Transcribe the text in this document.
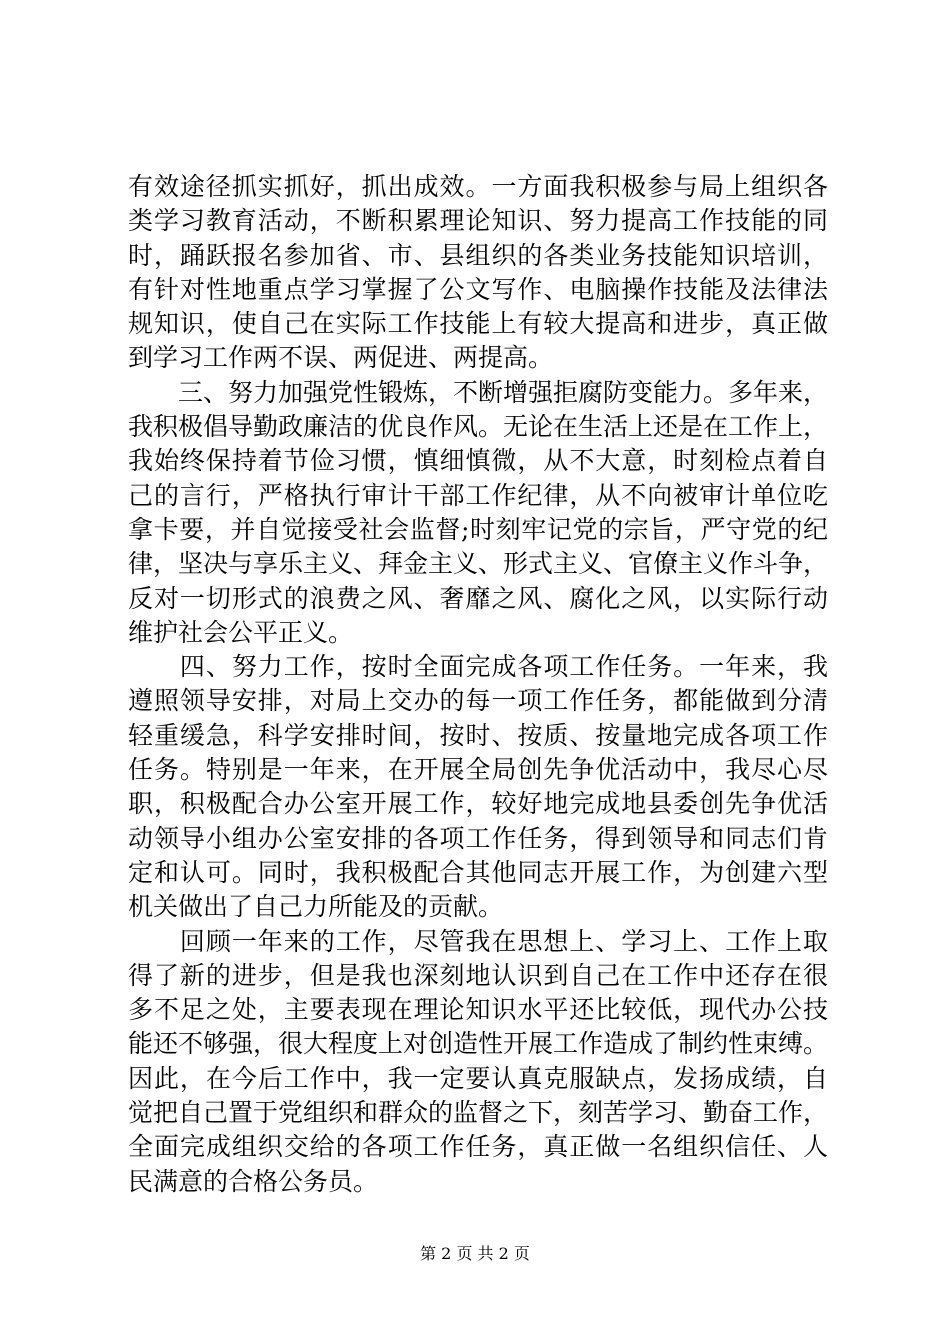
有效途径抓实抓好，抓出成效。一方面我积极参与局上组织各
类学习教育活动，不断积累理论知识、努力提高工作技能的同
时，踊跃报名参加省、市、县组织的各类业务技能知识培训，
有针对性地重点学习掌握了公文写作、电脑操作技能及法律法
规知识，使自己在实际工作技能上有较大提高和进步，真正做
到学习工作两不误、两促进、两提高。

　　三、努力加强党性锻炼，不断增强拒腐防变能力。多年来，
我积极倡导勤政廉洁的优良作风。无论在生活上还是在工作上，
我始终保持着节俭习惯，慎细慎微，从不大意，时刻检点着自
己的言行，严格执行审计干部工作纪律，从不向被审计单位吃
拿卡要，并自觉接受社会监督;时刻牢记党的宗旨，严守党的纪
律，坚决与享乐主义、拜金主义、形式主义、官僚主义作斗争，
反对一切形式的浪费之风、奢靡之风、腐化之风，以实际行动
维护社会公平正义。

　　四、努力工作，按时全面完成各项工作任务。一年来，我
遵照领导安排，对局上交办的每一项工作任务，都能做到分清
轻重缓急，科学安排时间，按时、按质、按量地完成各项工作
任务。特别是一年来，在开展全局创先争优活动中，我尽心尽
职，积极配合办公室开展工作，较好地完成地县委创先争优活
动领导小组办公室安排的各项工作任务，得到领导和同志们肯
定和认可。同时，我积极配合其他同志开展工作，为创建六型
机关做出了自己力所能及的贡献。

　　回顾一年来的工作，尽管我在思想上、学习上、工作上取
得了新的进步，但是我也深刻地认识到自己在工作中还存在很
多不足之处，主要表现在理论知识水平还比较低，现代办公技
能还不够强，很大程度上对创造性开展工作造成了制约性束缚。
因此，在今后工作中，我一定要认真克服缺点，发扬成绩，自
觉把自己置于党组织和群众的监督之下，刻苦学习、勤奋工作，
全面完成组织交给的各项工作任务，真正做一名组织信任、人
民满意的合格公务员。

第 2 页 共 2 页
